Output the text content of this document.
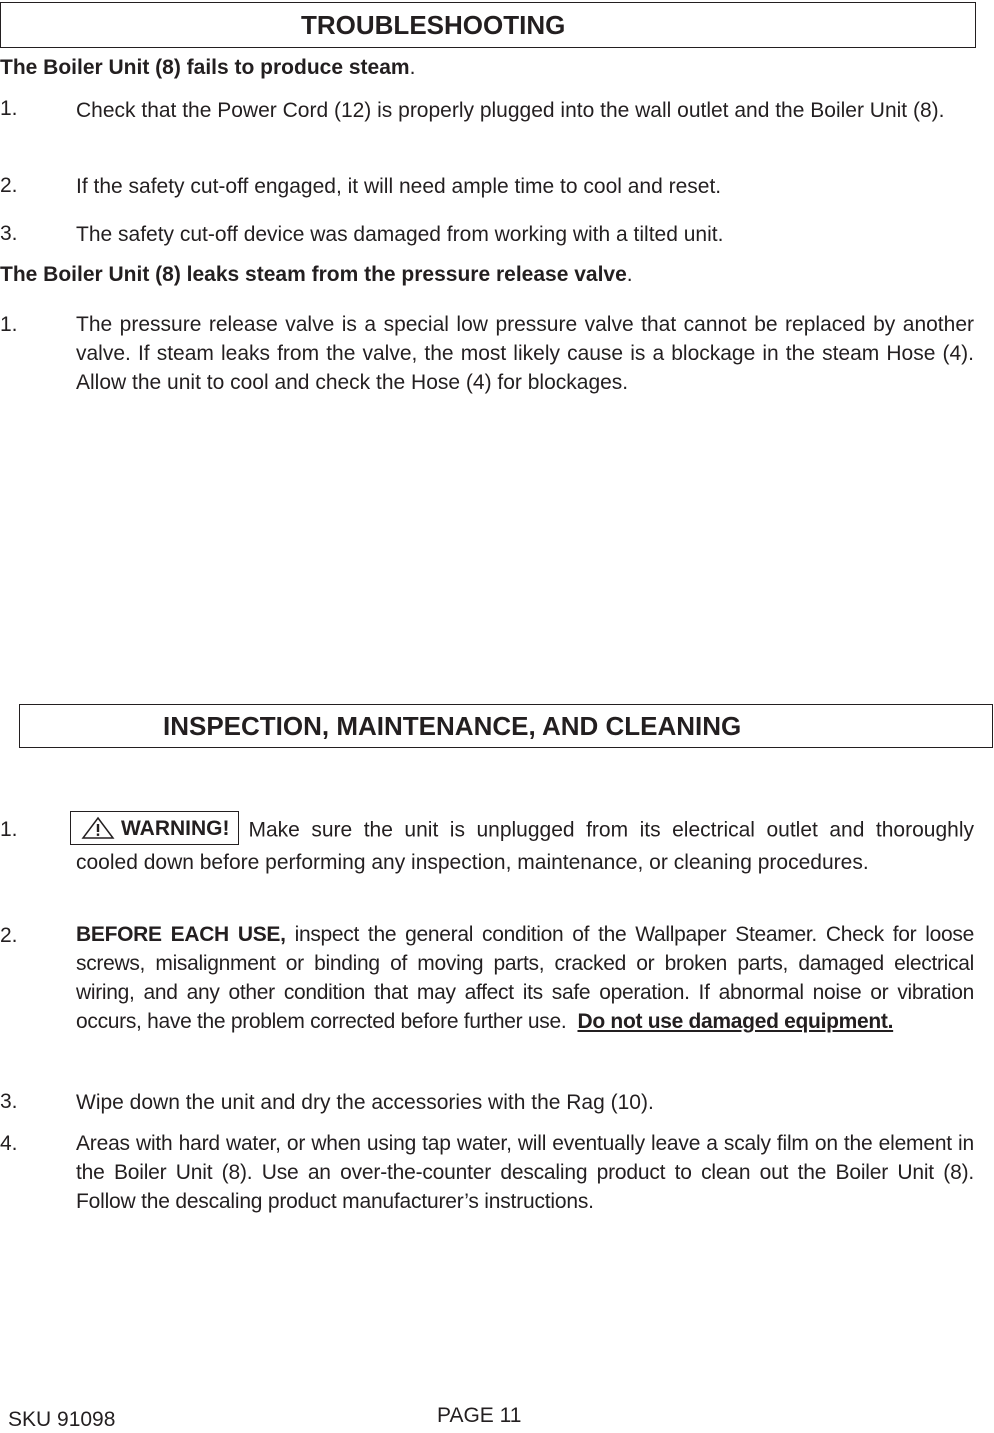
TROUBLESHOOTING
The Boiler Unit (8) fails to produce steam.
1.	Check that the Power Cord (12) is properly plugged into the wall outlet and the Boiler Unit (8).
2.	If the safety cut-off engaged, it will need ample time to cool and reset.
3.	The safety cut-off device was damaged from working with a tilted unit.
The Boiler Unit (8) leaks steam from the pressure release valve.
1.	The pressure release valve is a special low pressure valve that cannot be replaced by another valve. If steam leaks from the valve, the most likely cause is a blockage in the steam Hose (4). Allow the unit to cool and check the Hose (4) for blockages.
INSPECTION, MAINTENANCE, AND CLEANING
1.	WARNING! Make sure the unit is unplugged from its electrical outlet and thoroughly cooled down before performing any inspection, maintenance, or cleaning procedures.
2.	BEFORE EACH USE, inspect the general condition of the Wallpaper Steamer. Check for loose screws, misalignment or binding of moving parts, cracked or broken parts, damaged electrical wiring, and any other condition that may affect its safe operation. If abnormal noise or vibration occurs, have the problem corrected before further use. Do not use damaged equipment.
3.	Wipe down the unit and dry the accessories with the Rag (10).
4.	Areas with hard water, or when using tap water, will eventually leave a scaly film on the element in the Boiler Unit (8). Use an over-the-counter descaling product to clean out the Boiler Unit (8). Follow the descaling product manufacturer’s instructions.
SKU 91098	PAGE 11
